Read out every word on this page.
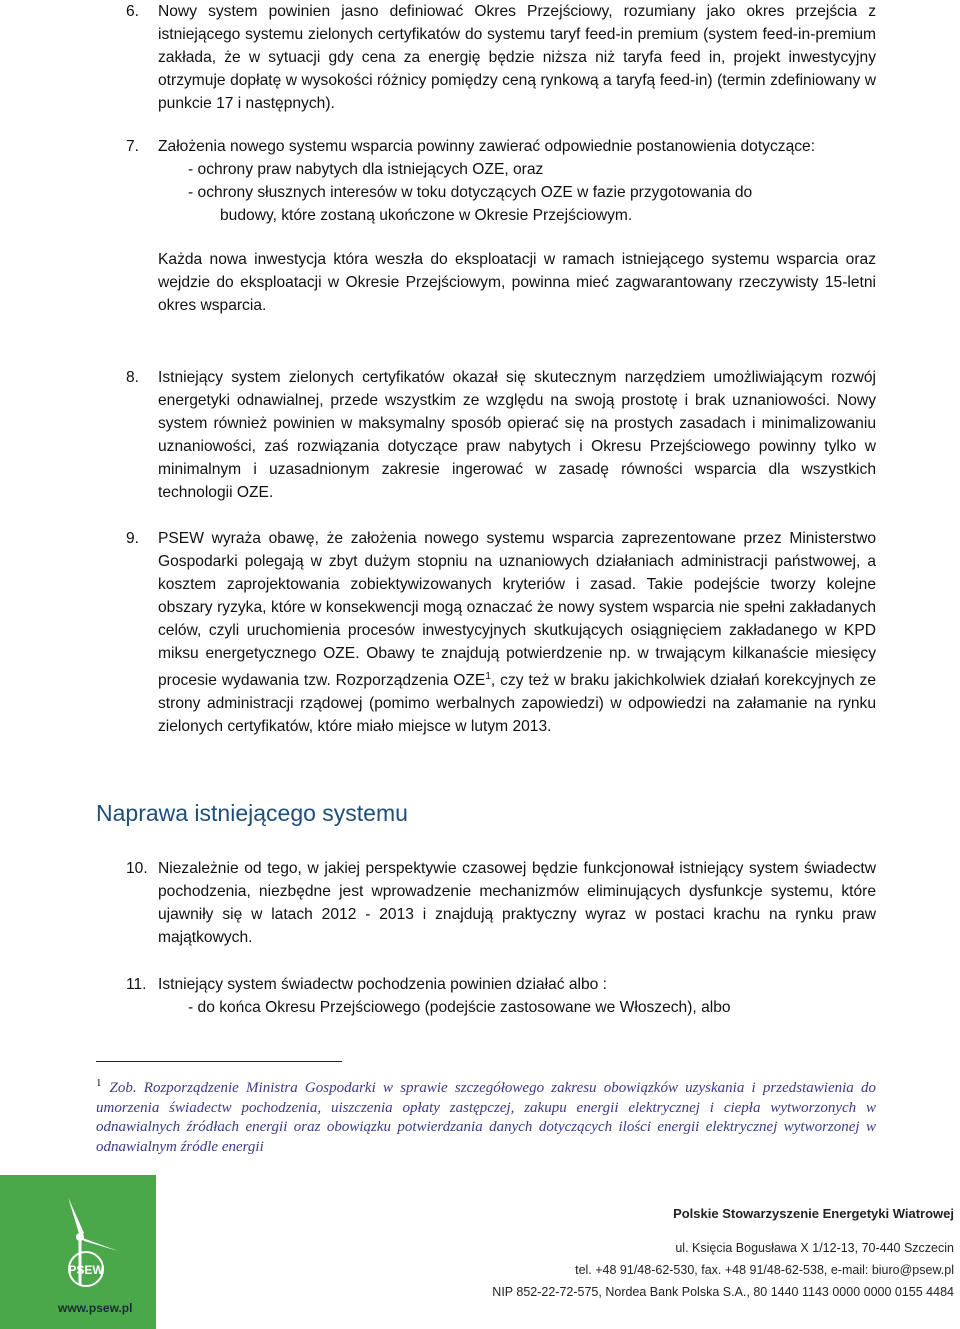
6. Nowy system powinien jasno definiować Okres Przejściowy, rozumiany jako okres przejścia z istniejącego systemu zielonych certyfikatów do systemu taryf feed-in premium (system feed-in-premium zakłada, że w sytuacji gdy cena za energię będzie niższa niż taryfa feed in, projekt inwestycyjny otrzymuje dopłatę w wysokości różnicy pomiędzy ceną rynkową a taryfą feed-in) (termin zdefiniowany w punkcie 17 i następnych).
7. Założenia nowego systemu wsparcia powinny zawierać odpowiednie postanowienia dotyczące:
- ochrony praw nabytych dla istniejących OZE, oraz
- ochrony słusznych interesów w toku dotyczących OZE w fazie przygotowania do
budowy, które zostaną ukończone w Okresie Przejściowym.
Każda nowa inwestycja która weszła do eksploatacji w ramach istniejącego systemu wsparcia oraz wejdzie do eksploatacji w Okresie Przejściowym, powinna mieć zagwarantowany rzeczywisty 15-letni okres wsparcia.
8. Istniejący system zielonych certyfikatów okazał się skutecznym narzędziem umożliwiającym rozwój energetyki odnawialnej, przede wszystkim ze względu na swoją prostotę i brak uznaniowości. Nowy system również powinien w maksymalny sposób opierać się na prostych zasadach i minimalizowaniu uznaniowości, zaś rozwiązania dotyczące praw nabytych i Okresu Przejściowego powinny tylko w minimalnym i uzasadnionym zakresie ingerować w zasadę równości wsparcia dla wszystkich technologii OZE.
9. PSEW wyraża obawę, że założenia nowego systemu wsparcia zaprezentowane przez Ministerstwo Gospodarki polegają w zbyt dużym stopniu na uznaniowych działaniach administracji państwowej, a kosztem zaprojektowania zobiektywizowanych kryteriów i zasad. Takie podejście tworzy kolejne obszary ryzyka, które w konsekwencji mogą oznaczać że nowy system wsparcia nie spełni zakładanych celów, czyli uruchomienia procesów inwestycyjnych skutkujących osiągnięciem zakładanego w KPD miksu energetycznego OZE. Obawy te znajdują potwierdzenie np. w trwającym kilkanaście miesięcy procesie wydawania tzw. Rozporządzenia OZE$^1$, czy też w braku jakichkolwiek działań korekcyjnych ze strony administracji rządowej (pomimo werbalnych zapowiedzi) w odpowiedzi na załamanie na rynku zielonych certyfikatów, które miało miejsce w lutym 2013.
Naprawa istniejącego systemu
10. Niezależnie od tego, w jakiej perspektywie czasowej będzie funkcjonował istniejący system świadectw pochodzenia, niezbędne jest wprowadzenie mechanizmów eliminujących dysfunkcje systemu, które ujawniły się w latach 2012 - 2013 i znajdują praktyczny wyraz w postaci krachu na rynku praw majątkowych.
11. Istniejący system świadectw pochodzenia powinien działać albo :
- do końca Okresu Przejściowego (podejście zastosowane we Włoszech), albo
$^1$ Zob. Rozporządzenie Ministra Gospodarki w sprawie szczegółowego zakresu obowiązków uzyskania i przedstawienia do umorzenia świadectw pochodzenia, uiszczenia opłaty zastępczej, zakupu energii elektrycznej i ciepła wytworzonych w odnawialnych źródłach energii oraz obowiązku potwierdzania danych dotyczących ilości energii elektrycznej wytworzonej w odnawialnym źródle energii
PSEW
www.psew.pl
Polskie Stowarzyszenie Energetyki Wiatrowej
ul. Księcia Bogusława X 1/12-13, 70-440 Szczecin
tel. +48 91/48-62-530, fax. +48 91/48-62-538, e-mail: biuro@psew.pl
NIP 852-22-72-575, Nordea Bank Polska S.A., 80 1440 1143 0000 0000 0155 4484
